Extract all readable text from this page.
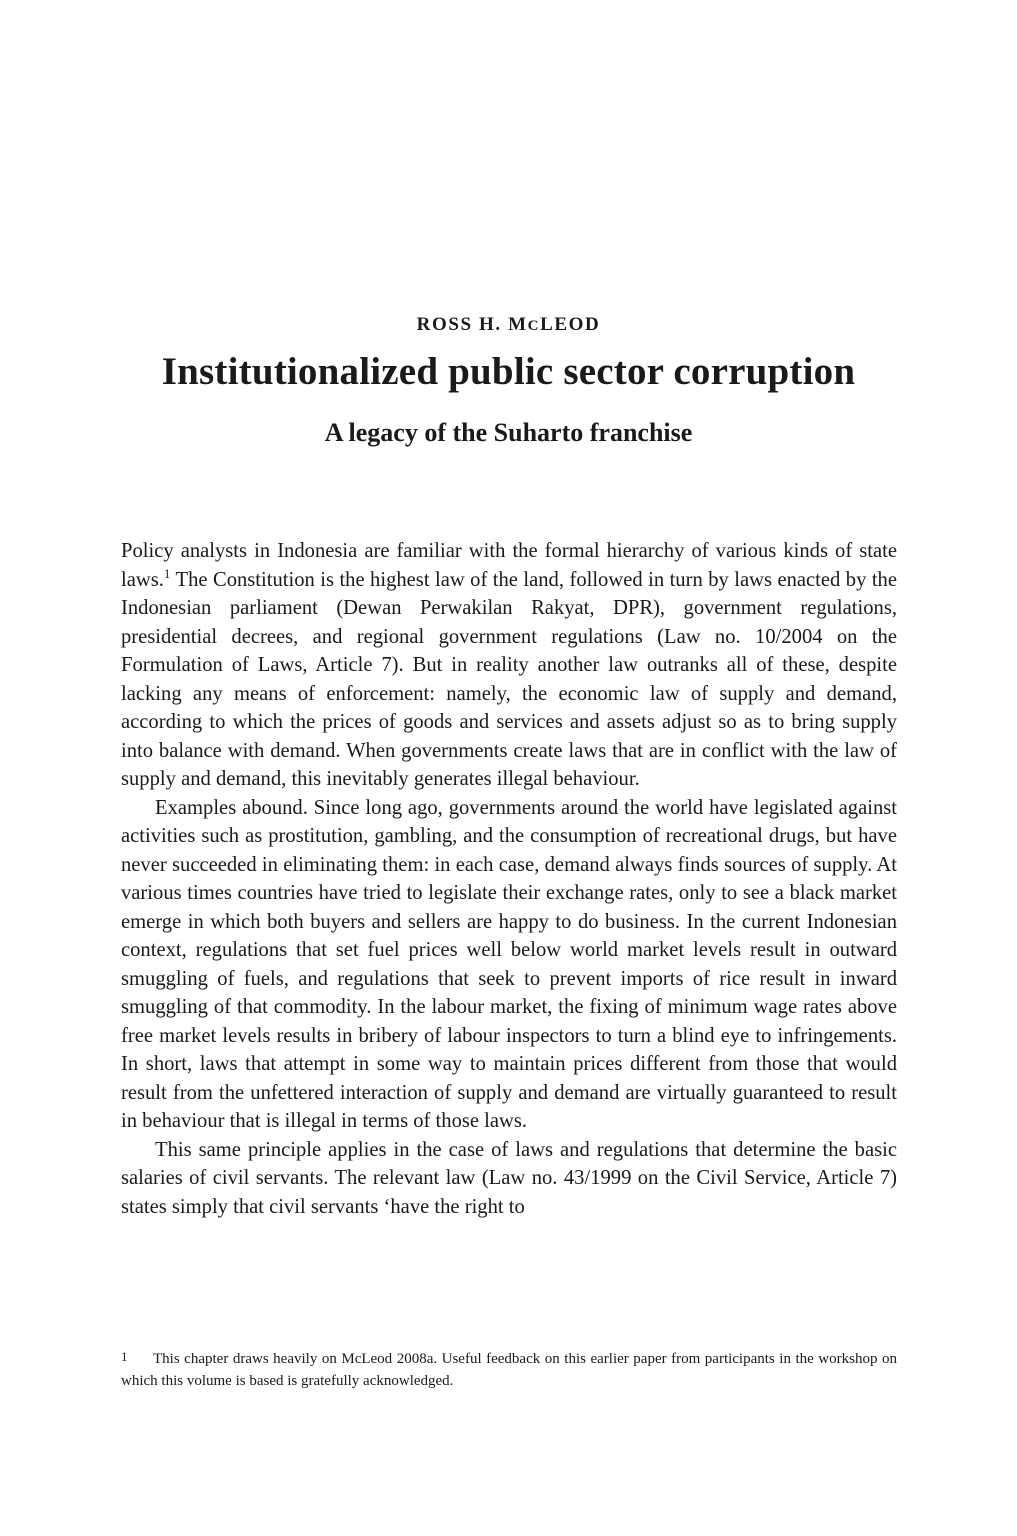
ROSS H. MCLEOD
Institutionalized public sector corruption
A legacy of the Suharto franchise

Policy analysts in Indonesia are familiar with the formal hierarchy of various kinds of state laws.$^1$ The Constitution is the highest law of the land, followed in turn by laws enacted by the Indonesian parliament (Dewan Perwakilan Rakyat, DPR), government regulations, presidential decrees, and regional government regulations (Law no. 10/2004 on the Formulation of Laws, Article 7). But in reality another law outranks all of these, despite lacking any means of enforcement: namely, the economic law of supply and demand, according to which the prices of goods and services and assets adjust so as to bring supply into balance with demand. When governments create laws that are in conflict with the law of supply and demand, this inevitably generates illegal behaviour.

Examples abound. Since long ago, governments around the world have legislated against activities such as prostitution, gambling, and the consumption of recreational drugs, but have never succeeded in eliminating them: in each case, demand always finds sources of supply. At various times countries have tried to legislate their exchange rates, only to see a black market emerge in which both buyers and sellers are happy to do business. In the current Indonesian context, regulations that set fuel prices well below world market levels result in outward smuggling of fuels, and regulations that seek to prevent imports of rice result in inward smuggling of that commodity. In the labour market, the fixing of minimum wage rates above free market levels results in bribery of labour inspectors to turn a blind eye to infringements. In short, laws that attempt in some way to maintain prices different from those that would result from the unfettered interaction of supply and demand are virtually guaranteed to result in behaviour that is illegal in terms of those laws.

This same principle applies in the case of laws and regulations that determine the basic salaries of civil servants. The relevant law (Law no. 43/1999 on the Civil Service, Article 7) states simply that civil servants ‘have the right to

1 This chapter draws heavily on McLeod 2008a. Useful feedback on this earlier paper from participants in the workshop on which this volume is based is gratefully acknowledged.
